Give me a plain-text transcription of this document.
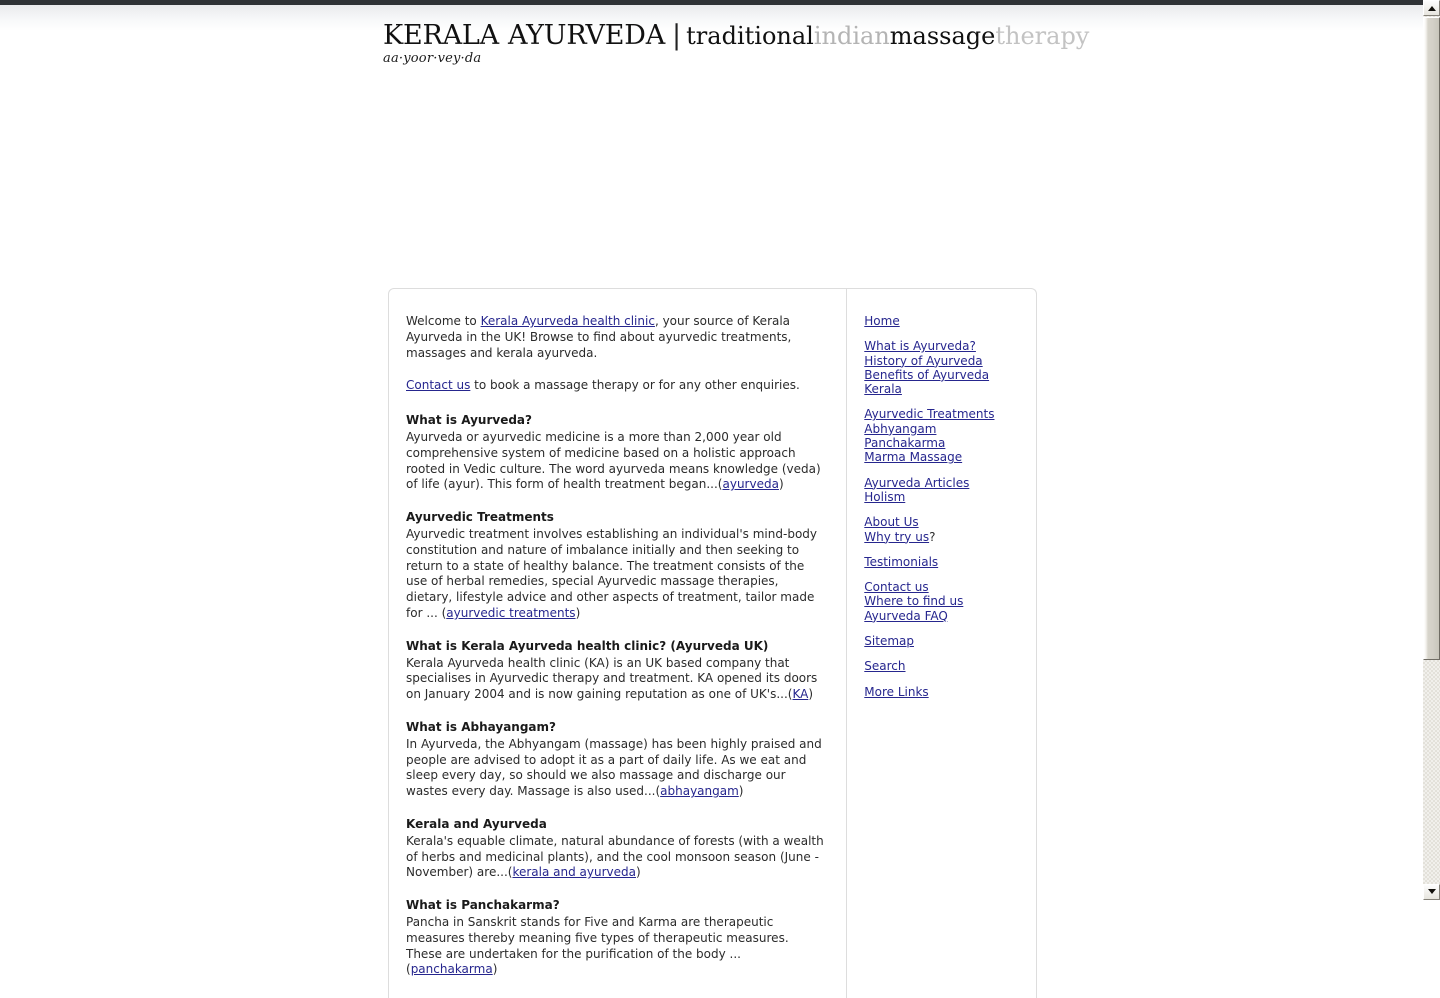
KERALA AYURVEDA | traditionalindianmassagetherapy
aa·yoor·vey·da

Welcome to Kerala Ayurveda health clinic, your source of Kerala Ayurveda in the UK! Browse to find about ayurvedic treatments, massages and kerala ayurveda.

Contact us to book a massage therapy or for any other enquiries.

What is Ayurveda?

Ayurveda or ayurvedic medicine is a more than 2,000 year old comprehensive system of medicine based on a holistic approach rooted in Vedic culture. The word ayurveda means knowledge (veda) of life (ayur). This form of health treatment began...(ayurveda)

Ayurvedic Treatments

Ayurvedic treatment involves establishing an individual's mind-body constitution and nature of imbalance initially and then seeking to return to a state of healthy balance. The treatment consists of the use of herbal remedies, special Ayurvedic massage therapies, dietary, lifestyle advice and other aspects of treatment, tailor made for ... (ayurvedic treatments)

What is Kerala Ayurveda health clinic? (Ayurveda UK)

Kerala Ayurveda health clinic (KA) is an UK based company that specialises in Ayurvedic therapy and treatment. KA opened its doors on January 2004 and is now gaining reputation as one of UK's...(KA)

What is Abhayangam?

In Ayurveda, the Abhyangam (massage) has been highly praised and people are advised to adopt it as a part of daily life. As we eat and sleep every day, so should we also massage and discharge our wastes every day. Massage is also used...(abhayangam)

Kerala and Ayurveda

Kerala's equable climate, natural abundance of forests (with a wealth of herbs and medicinal plants), and the cool monsoon season (June - November) are...(kerala and ayurveda)

What is Panchakarma?

Pancha in Sanskrit stands for Five and Karma are therapeutic measures thereby meaning five types of therapeutic measures. These are undertaken for the purification of the body ... (panchakarma)

Home
What is Ayurveda?
History of Ayurveda
Benefits of Ayurveda
Kerala
Ayurvedic Treatments
Abhyangam
Panchakarma
Marma Massage
Ayurveda Articles
Holism
About Us
Why try us?
Testimonials
Contact us
Where to find us
Ayurveda FAQ
Sitemap
Search
More Links
